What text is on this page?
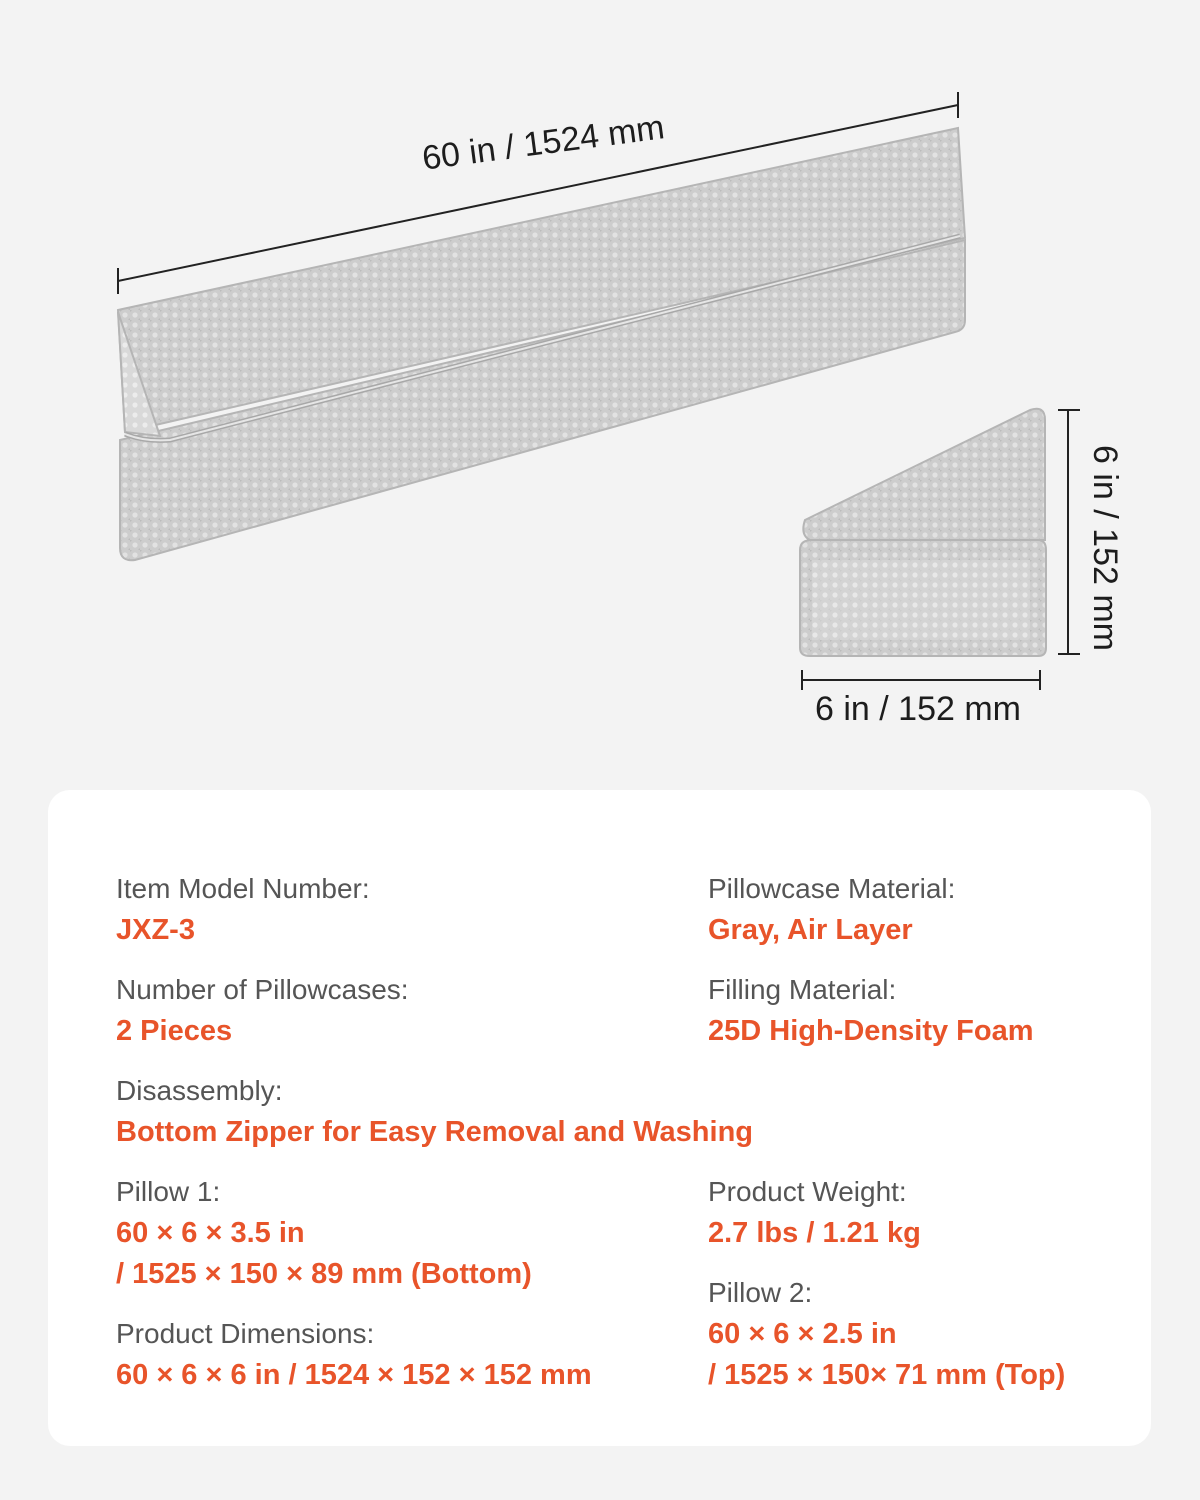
60 in / 1524 mm
6 in / 152 mm
6 in / 152 mm
Item Model Number:
JXZ-3
Pillowcase Material:
Gray, Air Layer
Number of Pillowcases:
2 Pieces
Filling Material:
25D High-Density Foam
Disassembly:
Bottom Zipper for Easy Removal and Washing
Pillow 1:
60 × 6 × 3.5 in
/ 1525 × 150 × 89 mm (Bottom)
Product Weight:
2.7 lbs / 1.21 kg
Pillow 2:
60 × 6 × 2.5 in
/ 1525 × 150× 71 mm (Top)
Product Dimensions:
60 × 6 × 6 in / 1524 × 152 × 152 mm
